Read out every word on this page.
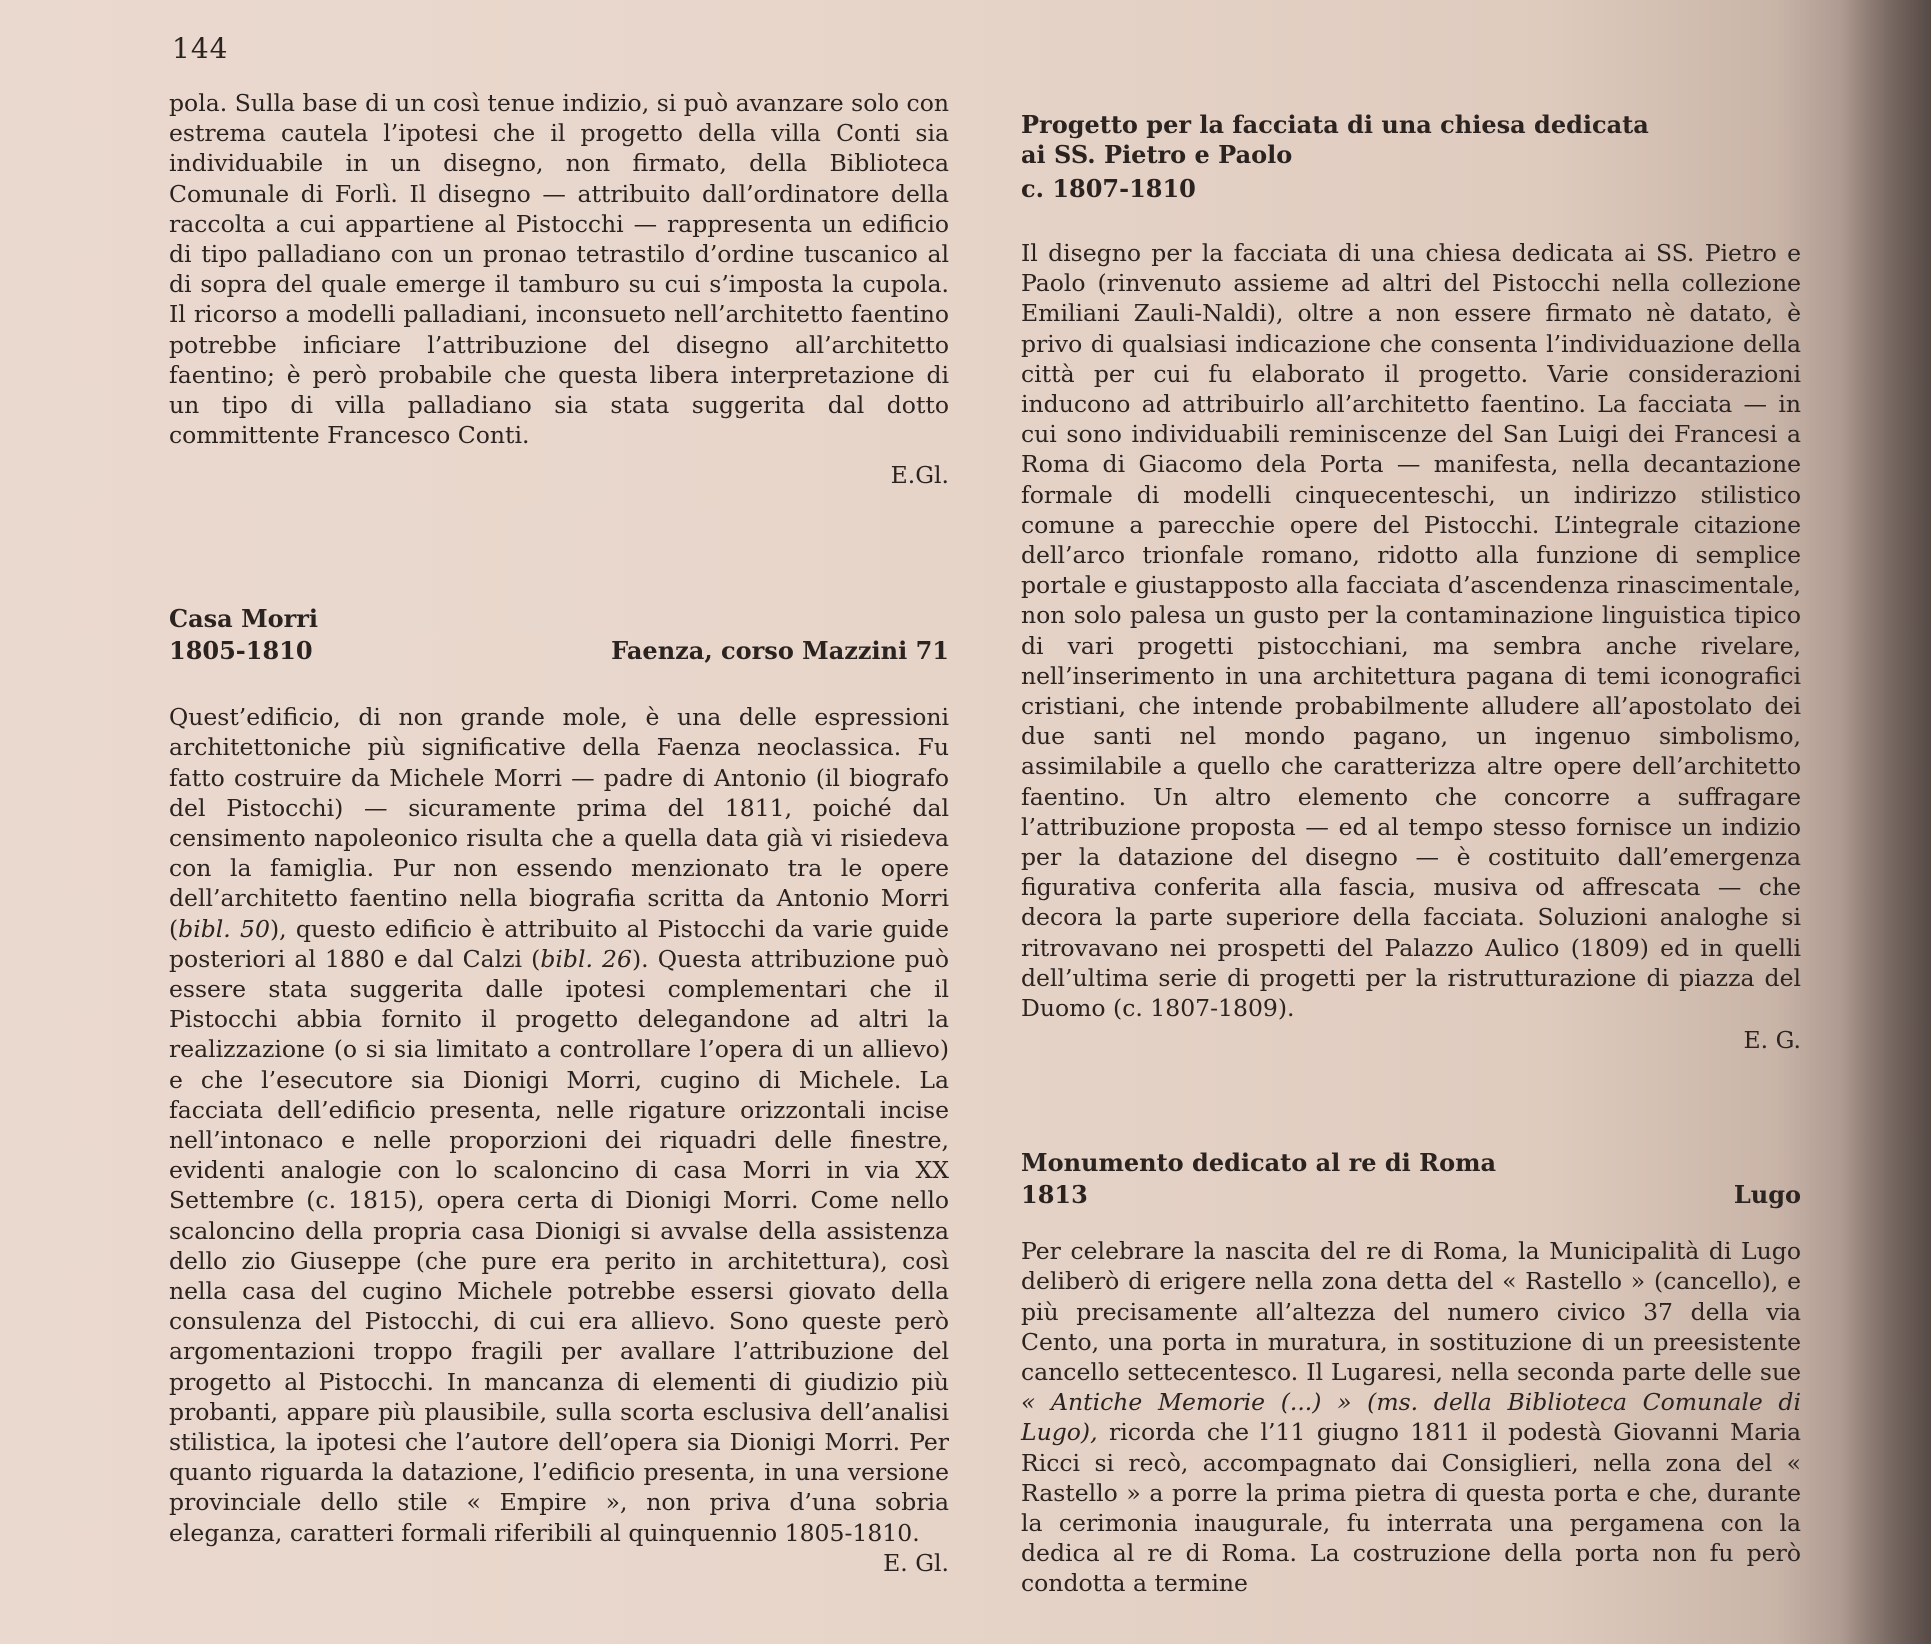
144

pola. Sulla base di un così tenue indizio, si può avanzare solo con estrema cautela l’ipotesi che il progetto della villa Conti sia individuabile in un disegno, non firmato, della Biblioteca Comunale di Forlì. Il disegno — attribuito dall’ordinatore della raccolta a cui appartiene al Pistocchi — rappresenta un edificio di tipo palladiano con un pronao tetrastilo d’ordine tuscanico al di sopra del quale emerge il tamburo su cui s’imposta la cupola. Il ricorso a modelli palladiani, inconsueto nell’architetto faentino potrebbe inficiare l’attribuzione del disegno all’architetto faentino; è però probabile che questa libera interpretazione di un tipo di villa palladiano sia stata suggerita dal dotto committente Francesco Conti.

E.Gl.

Casa Morri
1805-1810	Faenza, corso Mazzini 71

Quest’edificio, di non grande mole, è una delle espressioni architettoniche più significative della Faenza neoclassica. Fu fatto costruire da Michele Morri — padre di Antonio (il biografo del Pistocchi) — sicuramente prima del 1811, poiché dal censimento napoleonico risulta che a quella data già vi risiedeva con la famiglia. Pur non essendo menzionato tra le opere dell’architetto faentino nella biografia scritta da Antonio Morri (bibl. 50), questo edificio è attribuito al Pistocchi da varie guide posteriori al 1880 e dal Calzi (bibl. 26). Questa attribuzione può essere stata suggerita dalle ipotesi complementari che il Pistocchi abbia fornito il progetto delegandone ad altri la realizzazione (o si sia limitato a controllare l’opera di un allievo) e che l’esecutore sia Dionigi Morri, cugino di Michele. La facciata dell’edificio presenta, nelle rigature orizzontali incise nell’intonaco e nelle proporzioni dei riquadri delle finestre, evidenti analogie con lo scaloncino di casa Morri in via XX Settembre (c. 1815), opera certa di Dionigi Morri. Come nello scaloncino della propria casa Dionigi si avvalse della assistenza dello zio Giuseppe (che pure era perito in architettura), così nella casa del cugino Michele potrebbe essersi giovato della consulenza del Pistocchi, di cui era allievo. Sono queste però argomentazioni troppo fragili per avallare l’attribuzione del progetto al Pistocchi. In mancanza di elementi di giudizio più probanti, appare più plausibile, sulla scorta esclusiva dell’analisi stilistica, la ipotesi che l’autore dell’opera sia Dionigi Morri. Per quanto riguarda la datazione, l’edificio presenta, in una versione provinciale dello stile « Empire », non priva d’una sobria eleganza, caratteri formali riferibili al quinquennio 1805-1810.

E. Gl.

Progetto per la facciata di una chiesa dedicata
ai SS. Pietro e Paolo
c. 1807-1810

Il disegno per la facciata di una chiesa dedicata ai SS. Pietro e Paolo (rinvenuto assieme ad altri del Pistocchi nella collezione Emiliani Zauli-Naldi), oltre a non essere firmato nè datato, è privo di qualsiasi indicazione che consenta l’individuazione della città per cui fu elaborato il progetto. Varie considerazioni inducono ad attribuirlo all’architetto faentino. La facciata — in cui sono individuabili reminiscenze del San Luigi dei Francesi a Roma di Giacomo dela Porta — manifesta, nella decantazione formale di modelli cinquecenteschi, un indirizzo stilistico comune a parecchie opere del Pistocchi. L’integrale citazione dell’arco trionfale romano, ridotto alla funzione di semplice portale e giustapposto alla facciata d’ascendenza rinascimentale, non solo palesa un gusto per la contaminazione linguistica tipico di vari progetti pistocchiani, ma sembra anche rivelare, nell’inserimento in una architettura pagana di temi iconografici cristiani, che intende probabilmente alludere all’apostolato dei due santi nel mondo pagano, un ingenuo simbolismo, assimilabile a quello che caratterizza altre opere dell’architetto faentino. Un altro elemento che concorre a suffragare l’attribuzione proposta — ed al tempo stesso fornisce un indizio per la datazione del disegno — è costituito dall’emergenza figurativa conferita alla fascia, musiva od affrescata — che decora la parte superiore della facciata. Soluzioni analoghe si ritrovavano nei prospetti del Palazzo Aulico (1809) ed in quelli dell’ultima serie di progetti per la ristrutturazione di piazza del Duomo (c. 1807-1809).

E. G.

Monumento dedicato al re di Roma
1813	Lugo

Per celebrare la nascita del re di Roma, la Municipalità di Lugo deliberò di erigere nella zona detta del « Rastello » (cancello), e più precisamente all’altezza del numero civico 37 della via Cento, una porta in muratura, in sostituzione di un preesistente cancello settecentesco. Il Lugaresi, nella seconda parte delle sue « Antiche Memorie (...) » (ms. della Biblioteca Comunale di Lugo), ricorda che l’11 giugno 1811 il podestà Giovanni Maria Ricci si recò, accompagnato dai Consiglieri, nella zona del « Rastello » a porre la prima pietra di questa porta e che, durante la cerimonia inaugurale, fu interrata una pergamena con la dedica al re di Roma. La costruzione della porta non fu però condotta a termine
